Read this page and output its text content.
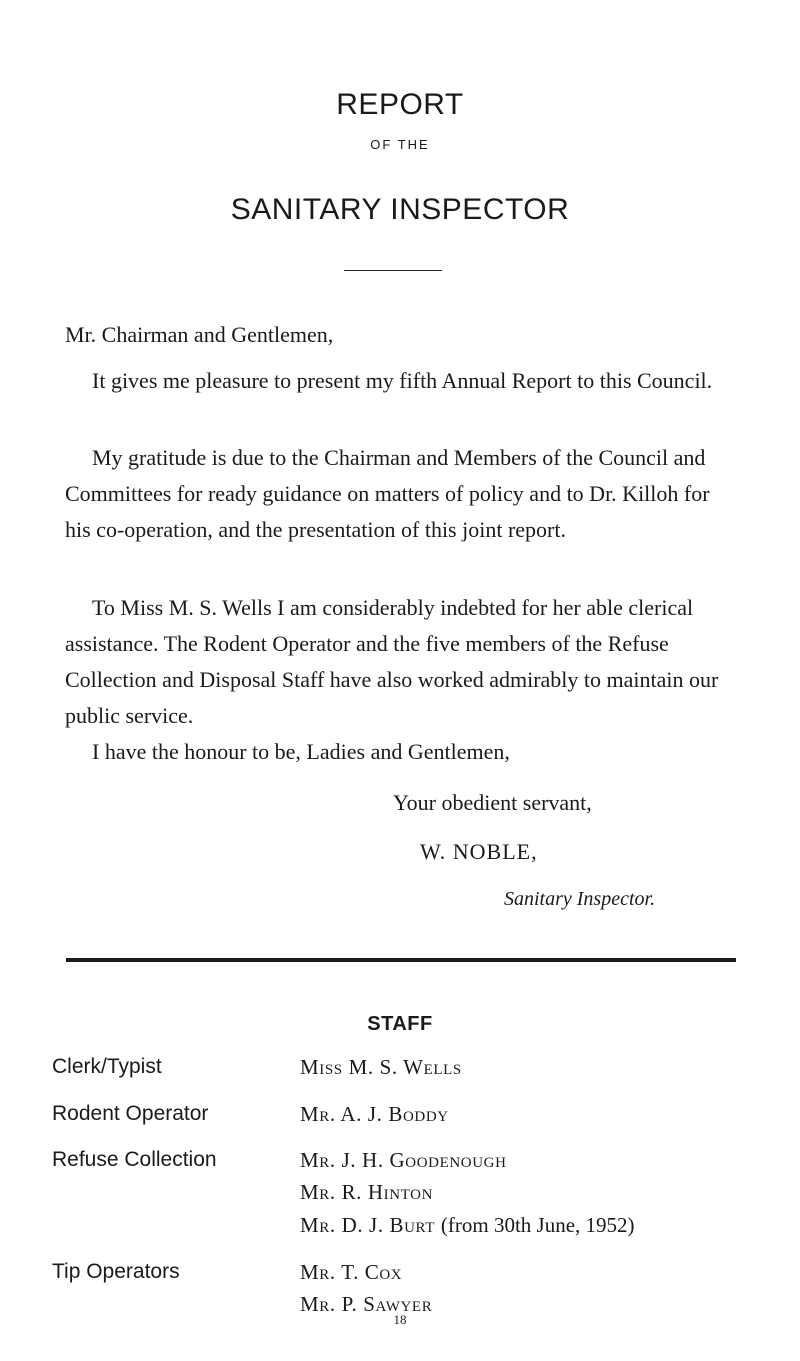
REPORT
OF THE
SANITARY INSPECTOR
Mr. Chairman and Gentlemen,

It gives me pleasure to present my fifth Annual Report to this Council.

My gratitude is due to the Chairman and Members of the Council and Committees for ready guidance on matters of policy and to Dr. Killoh for his co-operation, and the presentation of this joint report.

To Miss M. S. Wells I am considerably indebted for her able clerical assistance. The Rodent Operator and the five members of the Refuse Collection and Disposal Staff have also worked admirably to maintain our public service.

I have the honour to be, Ladies and Gentlemen,
Your obedient servant,
W. NOBLE,
Sanitary Inspector.
STAFF
Clerk/Typist	Miss M. S. Wells
Rodent Operator	Mr. A. J. Boddy
Refuse Collection	Mr. J. H. Goodenough
Mr. R. Hinton
Mr. D. J. Burt (from 30th June, 1952)
Tip Operators	Mr. T. Cox
Mr. P. Sawyer
18
